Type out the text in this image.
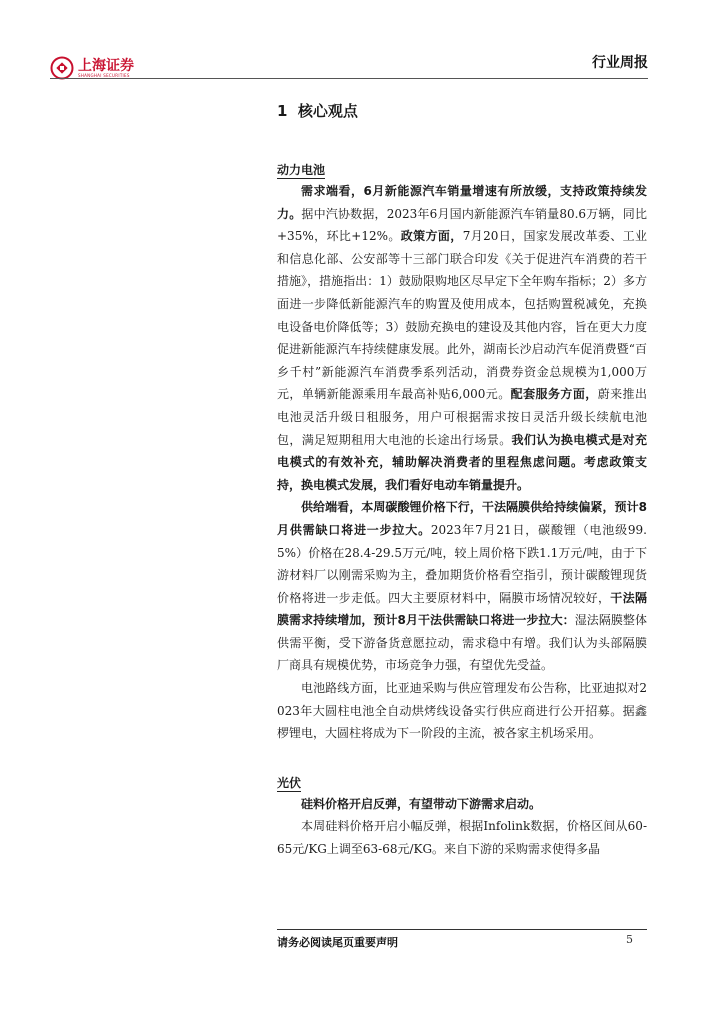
上海证券
SHANGHAI SECURITIES
行业周报
1 核心观点
动力电池

需求端看，6月新能源汽车销量增速有所放缓，支持政策持续发力。据中汽协数据，2023年6月国内新能源汽车销量80.6万辆，同比+35%，环比+12%。政策方面，7月20日，国家发展改革委、工业和信息化部、公安部等十三部门联合印发《关于促进汽车消费的若干措施》，措施指出：1）鼓励限购地区尽早定下全年购车指标；2）多方面进一步降低新能源汽车的购置及使用成本，包括购置税减免，充换电设备电价降低等；3）鼓励充换电的建设及其他内容，旨在更大力度促进新能源汽车持续健康发展。此外，湖南长沙启动汽车促消费暨“百乡千村”新能源汽车消费季系列活动，消费券资金总规模为1,000万元，单辆新能源乘用车最高补贴6,000元。配套服务方面，蔚来推出电池灵活升级日租服务，用户可根据需求按日灵活升级长续航电池包，满足短期租用大电池的长途出行场景。我们认为换电模式是对充电模式的有效补充，辅助解决消费者的里程焦虑问题。考虑政策支持，换电模式发展，我们看好电动车销量提升。

供给端看，本周碳酸锂价格下行，干法隔膜供给持续偏紧，预计8月供需缺口将进一步拉大。2023年7月21日，碳酸锂（电池级99.5%）价格在28.4-29.5万元/吨，较上周价格下跌1.1万元/吨，由于下游材料厂以刚需采购为主，叠加期货价格看空指引，预计碳酸锂现货价格将进一步走低。四大主要原材料中，隔膜市场情况较好，干法隔膜需求持续增加，预计8月干法供需缺口将进一步拉大：湿法隔膜整体供需平衡，受下游备货意愿拉动，需求稳中有增。我们认为头部隔膜厂商具有规模优势，市场竞争力强，有望优先受益。

电池路线方面，比亚迪采购与供应管理发布公告称，比亚迪拟对2023年大圆柱电池全自动烘烤线设备实行供应商进行公开招募。据鑫椤锂电，大圆柱将成为下一阶段的主流，被各家主机场采用。

光伏

硅料价格开启反弹，有望带动下游需求启动。

本周硅料价格开启小幅反弹，根据Infolink数据，价格区间从60-65元/KG上调至63-68元/KG。来自下游的采购需求使得多晶

请务必阅读尾页重要声明	5
